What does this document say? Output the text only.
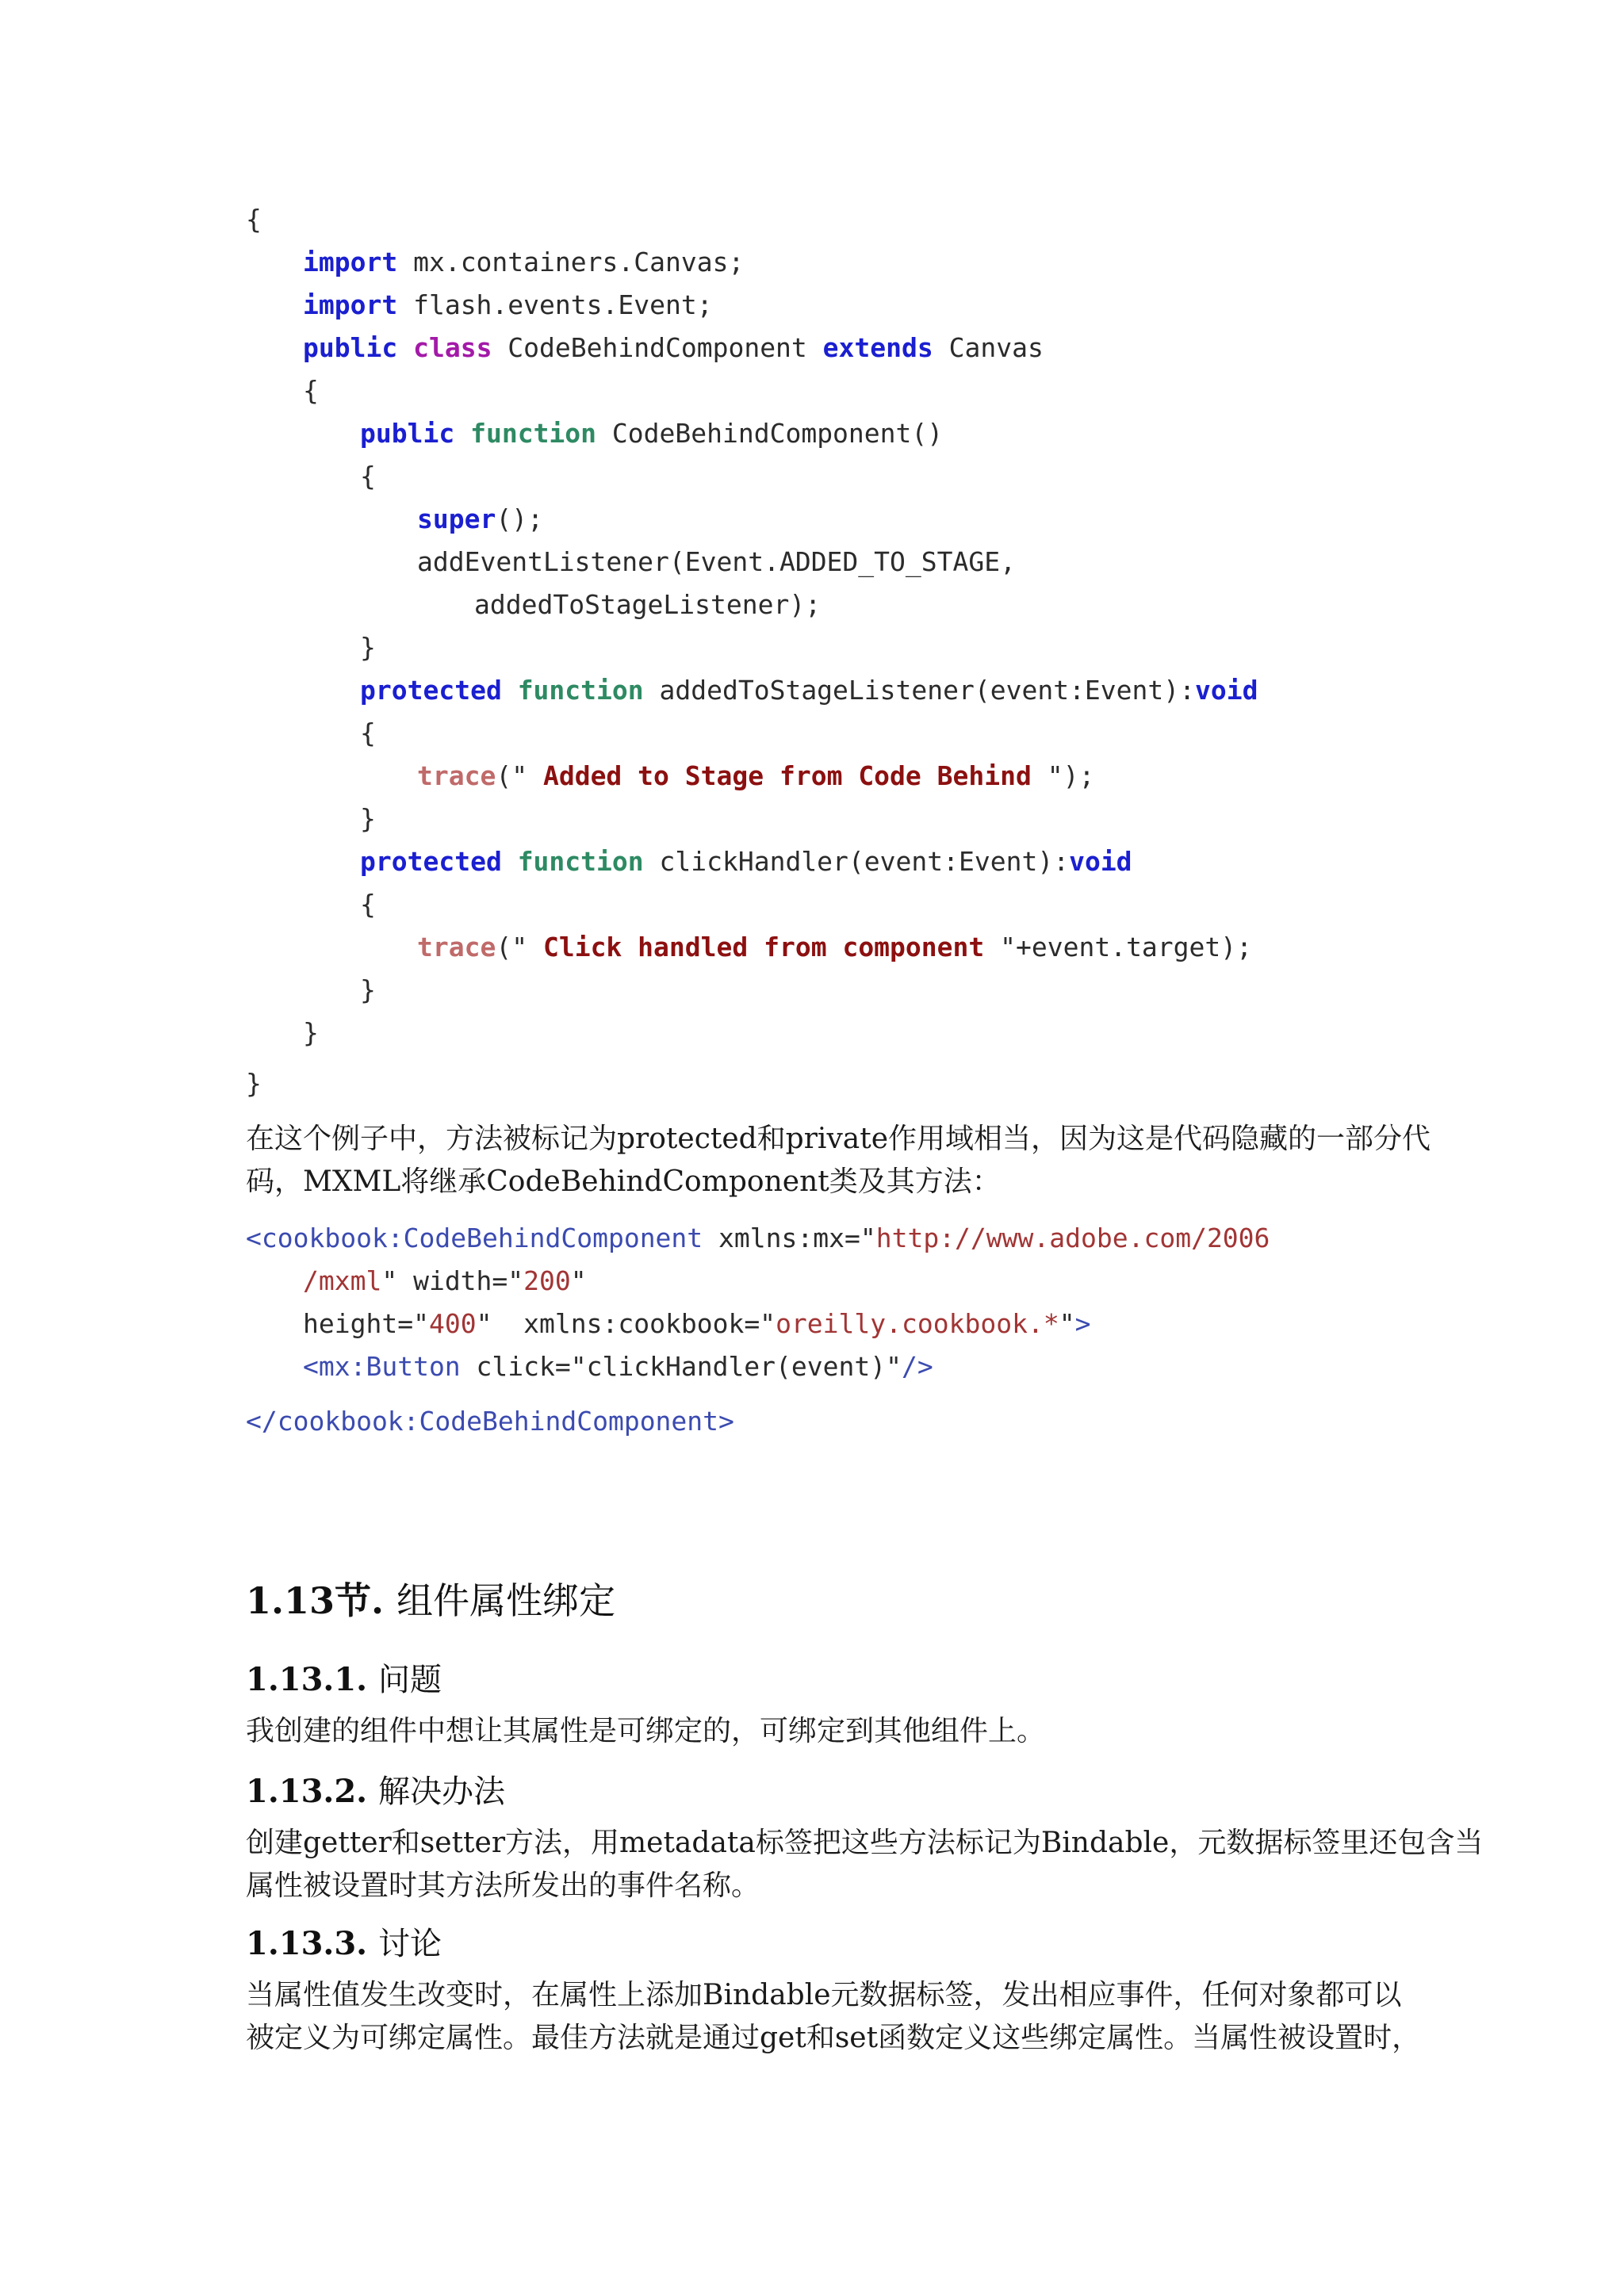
{
import mx.containers.Canvas;
import flash.events.Event;
public class CodeBehindComponent extends Canvas
{
public function CodeBehindComponent()
{
super();
addEventListener(Event.ADDED_TO_STAGE,
addedToStageListener);
}
protected function addedToStageListener(event:Event):void
{
trace(" Added to Stage from Code Behind ");
}
protected function clickHandler(event:Event):void
{
trace(" Click handled from component "+event.target);
}
}
}
在这个例子中，方法被标记为protected和private作用域相当，因为这是代码隐藏的一部分代
码，MXML将继承CodeBehindComponent类及其方法：
<cookbook:CodeBehindComponent xmlns:mx="http://www.adobe.com/2006
/mxml" width="200"
height="400"  xmlns:cookbook="oreilly.cookbook.*">
<mx:Button click="clickHandler(event)"/>
</cookbook:CodeBehindComponent>
1.13节. 组件属性绑定
1.13.1. 问题
我创建的组件中想让其属性是可绑定的，可绑定到其他组件上。
1.13.2. 解决办法
创建getter和setter方法，用metadata标签把这些方法标记为Bindable，元数据标签里还包含当
属性被设置时其方法所发出的事件名称。
1.13.3. 讨论
当属性值发生改变时，在属性上添加Bindable元数据标签，发出相应事件，任何对象都可以
被定义为可绑定属性。最佳方法就是通过get和set函数定义这些绑定属性。当属性被设置时，
